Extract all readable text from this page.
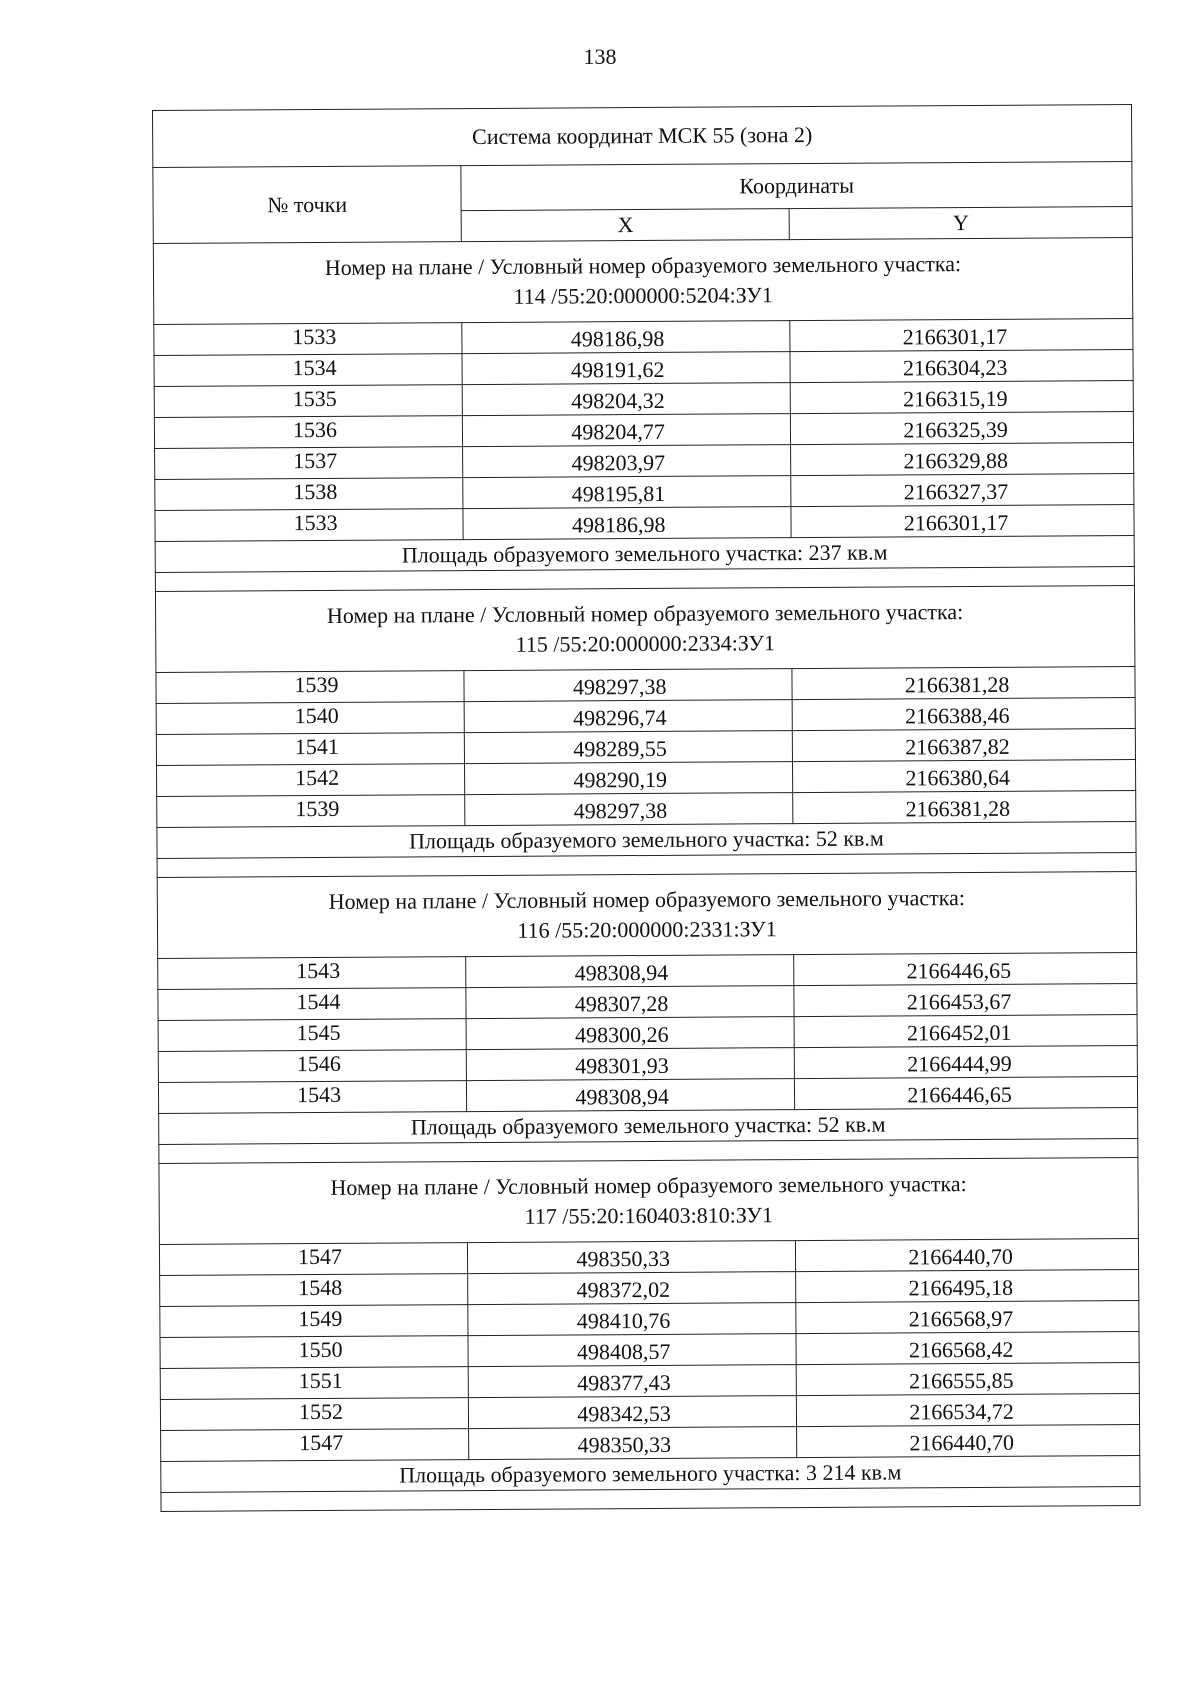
138
Система координат МСК 55 (зона 2)		
№ точки	Координаты	
	X	Y

Номер на плане / Условный номер образуемого земельного участка:
114 /55:20:000000:5204:ЗУ1		

1533	498186,98	2166301,17
1534	498191,62	2166304,23
1535	498204,32	2166315,19
1536	498204,77	2166325,39
1537	498203,97	2166329,88
1538	498195,81	2166327,37
1533	498186,98	2166301,17
Площадь образуемого земельного участка: 237 кв.м		

Номер на плане / Условный номер образуемого земельного участка:
115 /55:20:000000:2334:ЗУ1		

1539	498297,38	2166381,28
1540	498296,74	2166388,46
1541	498289,55	2166387,82
1542	498290,19	2166380,64
1539	498297,38	2166381,28
Площадь образуемого земельного участка: 52 кв.м		

Номер на плане / Условный номер образуемого земельного участка:
116 /55:20:000000:2331:ЗУ1		

1543	498308,94	2166446,65
1544	498307,28	2166453,67
1545	498300,26	2166452,01
1546	498301,93	2166444,99
1543	498308,94	2166446,65
Площадь образуемого земельного участка: 52 кв.м		

Номер на плане / Условный номер образуемого земельного участка:
117 /55:20:160403:810:ЗУ1		

1547	498350,33	2166440,70
1548	498372,02	2166495,18
1549	498410,76	2166568,97
1550	498408,57	2166568,42
1551	498377,43	2166555,85
1552	498342,53	2166534,72
1547	498350,33	2166440,70
Площадь образуемого земельного участка: 3 214 кв.м		
